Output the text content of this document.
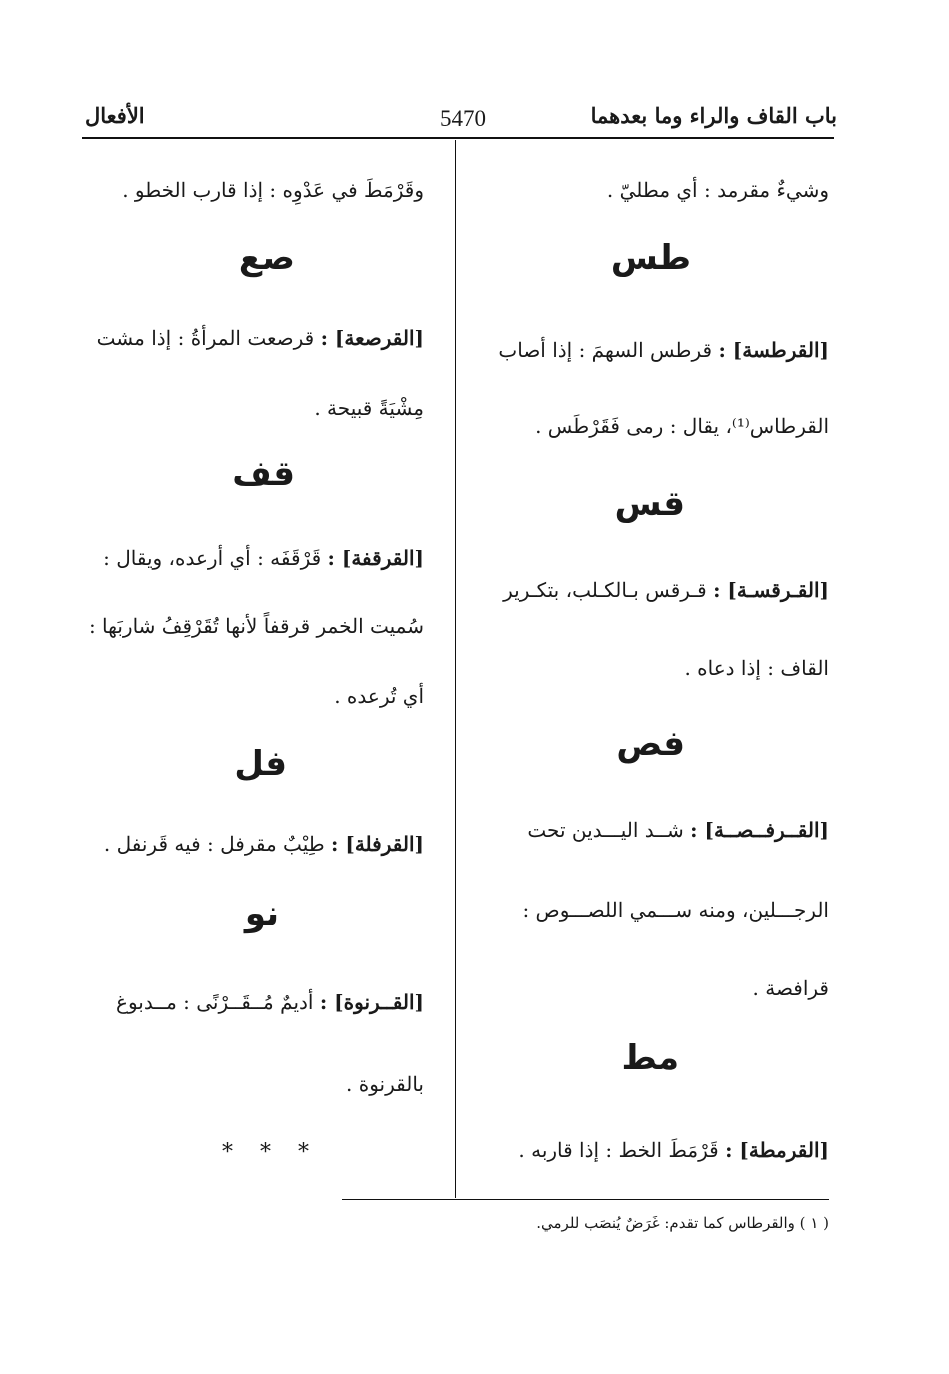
باب القاف والراء وما بعدهما
5470
الأفعال
وشيءٌ مقرمد : أي مطليّ .
طس
[القرطسة] : قرطس السهمَ : إذا أصاب
القرطاس⁽¹⁾، يقال : رمى فَقَرْطَس .
قس
[القـرقسـة] : قـرقس بـالكـلب، بتكـرير
القاف : إذا دعاه .
فص
[القــرفــصــة] : شــد اليـــدين تحت
الرجـــلين، ومنه ســـمي اللصـــوص :
قرافصة .
مط
[القرمطة] : قَرْمَطَ الخط : إذا قاربه .
وقَرْمَطَ في عَدْوِه : إذا قارب الخطو .
صع
[القرصعة] : قرصعت المرأةُ : إذا مشت
مِشْيَةً قبيحة .
قف
[القرقفة] : قَرْقَفَه : أي أرعده، ويقال :
سُميت الخمر قرقفاً لأنها تُقَرْقِفُ شاربَها :
أي تُرعده .
فل
[القرفلة] : طِيْبٌ مقرفل : فيه قَرنفل .
نو
[القــرنوة] : أديمٌ مُــقَــرْنًى : مــدبوغ
بالقرنوة .
* * *
( ١ ) والقرطاس كما تقدم: غَرَضٌ يُنصَب للرمي.
